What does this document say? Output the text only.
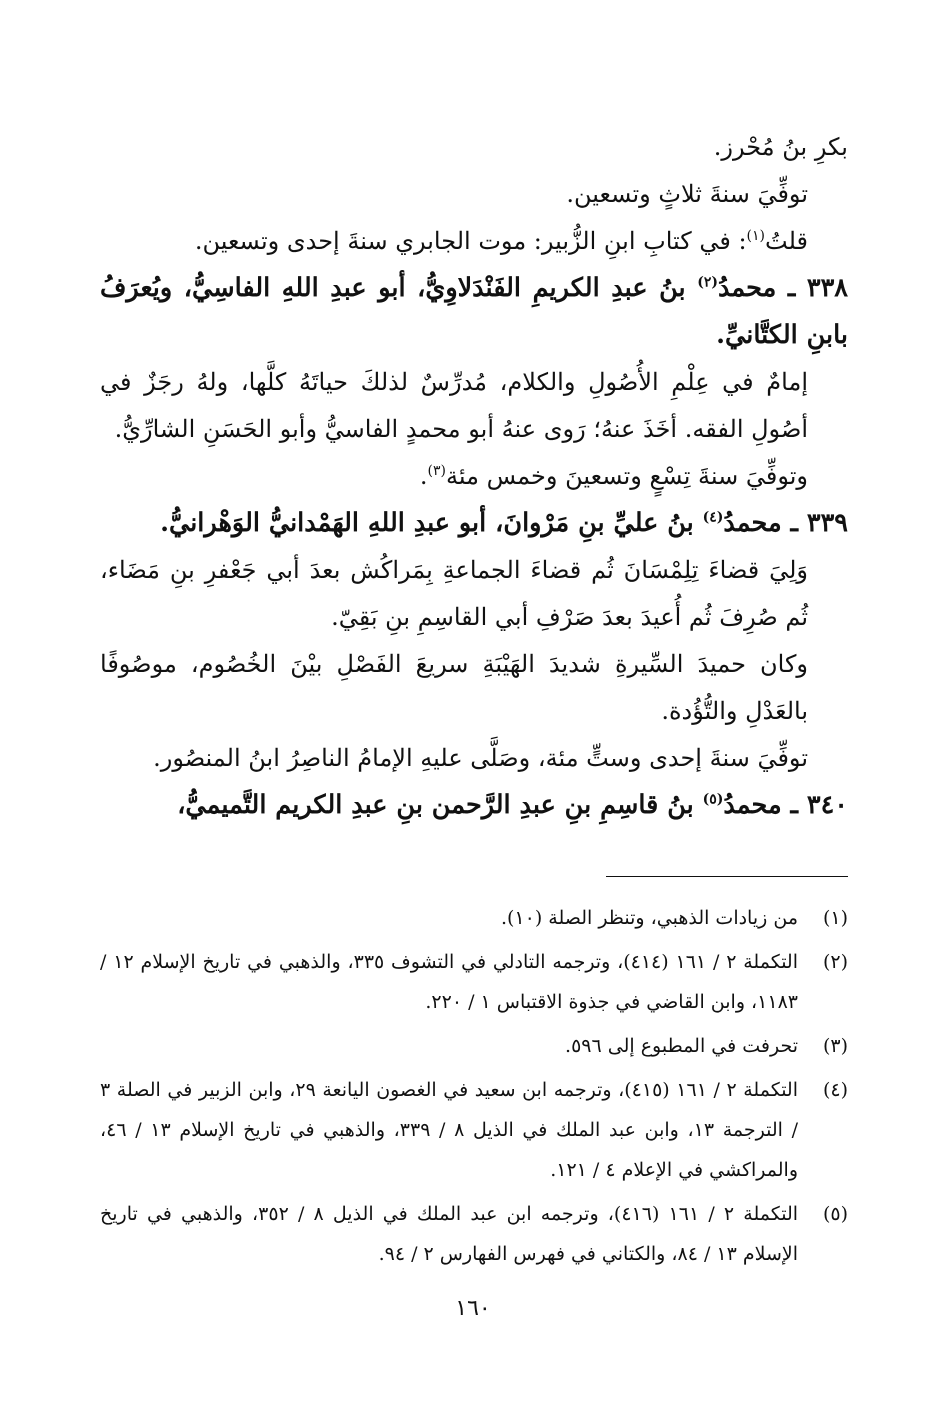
بكرِ بنُ مُحْرز.

توفِّيَ سنةَ ثلاثٍ وتسعين.

قلتُ$^{(١)}$: في كتابِ ابنِ الزُّبير: موت الجابري سنةَ إحدى وتسعين.

٣٣٨ ـ محمدُ$^{(٢)}$ بنُ عبدِ الكريمِ الفَنْدَلاوِيُّ، أبو عبدِ اللهِ الفاسِيُّ، ويُعرَفُ بابنِ الكتَّانيِّ.

إمامٌ في عِلْمِ الأُصُولِ والكلام، مُدرِّسٌ لذلكَ حياتَهُ كلَّها، ولهُ رجَزٌ في أصُولِ الفقه. أخَذَ عنهُ؛ رَوى عنهُ أبو محمدٍ الفاسيُّ وأبو الحَسَنِ الشارِّيُّ.

وتوفِّيَ سنةَ تِسْعٍ وتسعينَ وخمس مئة$^{(٣)}$.

٣٣٩ ـ محمدُ$^{(٤)}$ بنُ عليِّ بنِ مَرْوانَ، أبو عبدِ اللهِ الهَمْدانيُّ الوَهْرانيُّ.

وَلِيَ قضاءَ تِلِمْسَانَ ثُم قضاءَ الجماعةِ بِمَراكُش بعدَ أبي جَعْفرِ بنِ مَضَاء، ثُم صُرِفَ ثُم أُعيدَ بعدَ صَرْفِ أبي القاسِمِ بنِ بَقِيّ.

وكان حميدَ السِّيرةِ شديدَ الهَيْبَةِ سريعَ الفَصْلِ بيْنَ الخُصُوم، موصُوفًا بالعَدْلِ والتُّؤُدة.

توفِّيَ سنةَ إحدى وستٍّ مئة، وصَلَّى عليهِ الإمامُ الناصِرُ ابنُ المنصُور.

٣٤٠ ـ محمدُ$^{(٥)}$ بنُ قاسِمِ بنِ عبدِ الرَّحمن بنِ عبدِ الكريم التَّميميُّ،

(١)
من زيادات الذهبي، وتنظر الصلة (١٠).
(٢)
التكملة ٢ / ١٦١ (٤١٤)، وترجمه التادلي في التشوف ٣٣٥، والذهبي في تاريخ الإسلام ١٢ / ١١٨٣، وابن القاضي في جذوة الاقتباس ١ / ٢٢٠.
(٣)
تحرفت في المطبوع إلى ٥٩٦.
(٤)
التكملة ٢ / ١٦١ (٤١٥)، وترجمه ابن سعيد في الغصون اليانعة ٢٩، وابن الزبير في الصلة ٣ / الترجمة ١٣، وابن عبد الملك في الذيل ٨ / ٣٣٩، والذهبي في تاريخ الإسلام ١٣ / ٤٦، والمراكشي في الإعلام ٤ / ١٢١.
(٥)
التكملة ٢ / ١٦١ (٤١٦)، وترجمه ابن عبد الملك في الذيل ٨ / ٣٥٢، والذهبي في تاريخ الإسلام ١٣ / ٨٤، والكتاني في فهرس الفهارس ٢ / ٩٤.
١٦٠
